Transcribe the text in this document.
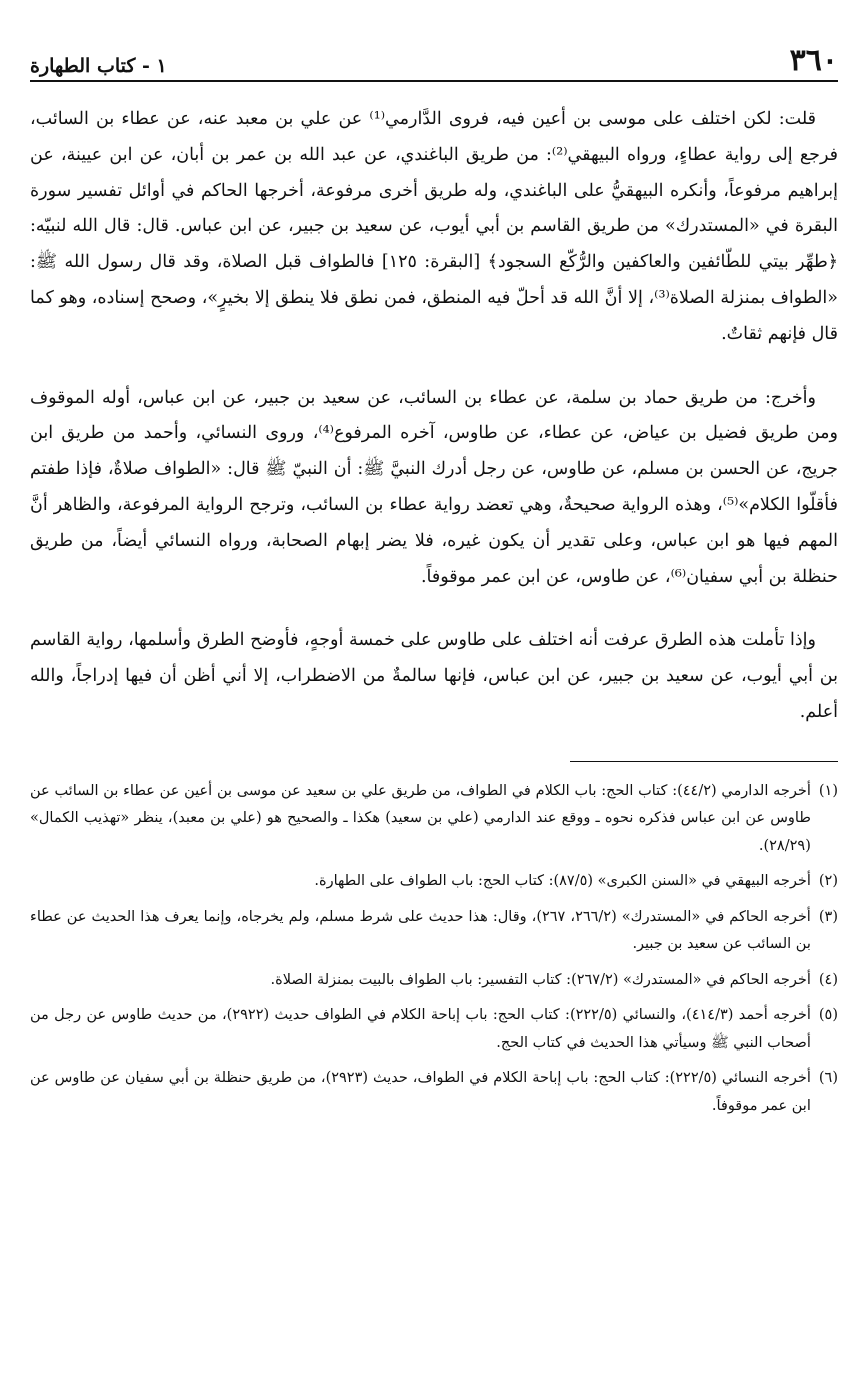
٣٦٠
١ - كتاب الطهارة

قلت: لكن اختلف على موسى بن أعين فيه، فروى الدَّارمي⁽¹⁾ عن علي بن معبد عنه، عن عطاء بن السائب، فرجع إلى رواية عطاءٍ، ورواه البيهقي⁽²⁾: من طريق الباغندي، عن عبد الله بن عمر بن أبان، عن ابن عيينة، عن إبراهيم مرفوعاً، وأنكره البيهقيُّ على الباغندي، وله طريق أخرى مرفوعة، أخرجها الحاكم في أوائل تفسير سورة البقرة في «المستدرك» من طريق القاسم بن أبي أيوب، عن سعيد بن جبير، عن ابن عباس. قال: قال الله لنبيّه: ﴿طهِّر بيتي للطّائفين والعاكفين والرُّكّع السجود﴾ [البقرة: ١٢٥] فالطواف قبل الصلاة، وقد قال رسول الله ﷺ: «الطواف بمنزلة الصلاة⁽³⁾، إلا أنَّ الله قد أحلّ فيه المنطق، فمن نطق فلا ينطق إلا بخيرٍ»، وصحح إسناده، وهو كما قال فإنهم ثقاتٌ.

وأخرج: من طريق حماد بن سلمة، عن عطاء بن السائب، عن سعيد بن جبير، عن ابن عباس، أوله الموقوف ومن طريق فضيل بن عياض، عن عطاء، عن طاوس، آخره المرفوع⁽⁴⁾، وروى النسائي، وأحمد من طريق ابن جريج، عن الحسن بن مسلم، عن طاوس، عن رجل أدرك النبيَّ ﷺ: أن النبيّ ﷺ قال: «الطواف صلاةٌ، فإذا طفتم فأقلّوا الكلام»⁽⁵⁾، وهذه الرواية صحيحةٌ، وهي تعضد رواية عطاء بن السائب، وترجح الرواية المرفوعة، والظاهر أنَّ المهم فيها هو ابن عباس، وعلى تقدير أن يكون غيره، فلا يضر إبهام الصحابة، ورواه النسائي أيضاً، من طريق حنظلة بن أبي سفيان⁽⁶⁾، عن طاوس، عن ابن عمر موقوفاً.

وإذا تأملت هذه الطرق عرفت أنه اختلف على طاوس على خمسة أوجهٍ، فأوضح الطرق وأسلمها، رواية القاسم بن أبي أيوب، عن سعيد بن جبير، عن ابن عباس، فإنها سالمةٌ من الاضطراب، إلا أني أظن أن فيها إدراجاً، والله أعلم.

(١)
أخرجه الدارمي (٤٤/٢): كتاب الحج: باب الكلام في الطواف، من طريق علي بن سعيد عن موسى بن أعين عن عطاء بن السائب عن طاوس عن ابن عباس فذكره نحوه ـ ووقع عند الدارمي (علي بن سعيد) هكذا ـ والصحيح هو (علي بن معبد)، ينظر «تهذيب الكمال» (٢٨/٢٩).
(٢)
أخرجه البيهقي في «السنن الكبرى» (٨٧/٥): كتاب الحج: باب الطواف على الطهارة.
(٣)
أخرجه الحاكم في «المستدرك» (٢٦٦/٢، ٢٦٧)، وقال: هذا حديث على شرط مسلم، ولم يخرجاه، وإنما يعرف هذا الحديث عن عطاء بن السائب عن سعيد بن جبير.
(٤)
أخرجه الحاكم في «المستدرك» (٢٦٧/٢): كتاب التفسير: باب الطواف بالبيت بمنزلة الصلاة.
(٥)
أخرجه أحمد (٤١٤/٣)، والنسائي (٢٢٢/٥): كتاب الحج: باب إباحة الكلام في الطواف حديث (٢٩٢٢)، من حديث طاوس عن رجل من أصحاب النبي ﷺ وسيأتي هذا الحديث في كتاب الحج.
(٦)
أخرجه النسائي (٢٢٢/٥): كتاب الحج: باب إباحة الكلام في الطواف، حديث (٢٩٢٣)، من طريق حنظلة بن أبي سفيان عن طاوس عن ابن عمر موقوفاً.
